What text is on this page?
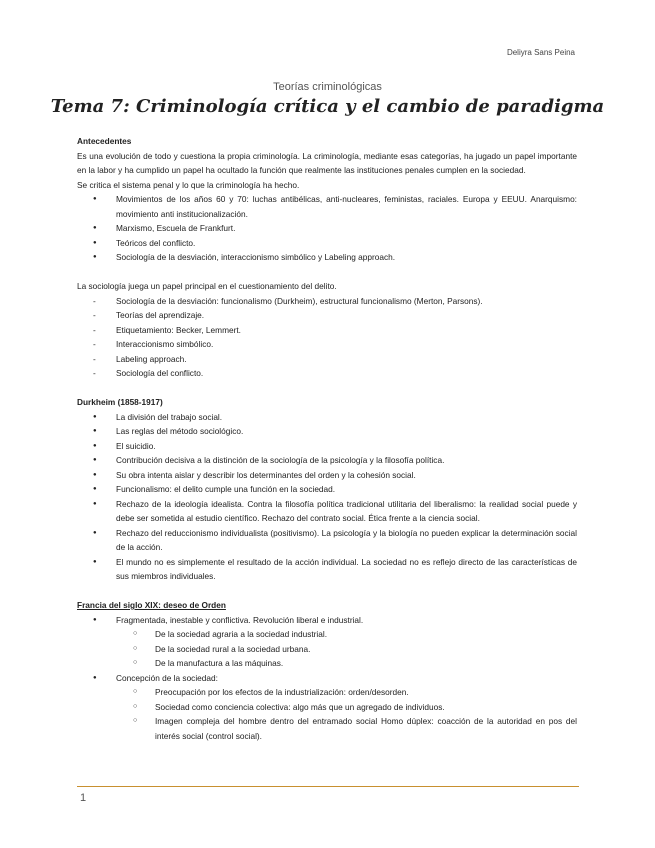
Deliyra Sans Peina
Teorías criminológicas
Tema 7: Criminología crítica y el cambio de paradigma

Antecedentes

Es una evolución de todo y cuestiona la propia criminología. La criminología, mediante esas categorías, ha jugado un papel importante en la labor y ha cumplido un papel ha ocultado la función que realmente las instituciones penales cumplen en la sociedad.

Se critica el sistema penal y lo que la criminología ha hecho.

● Movimientos de los años 60 y 70: luchas antibélicas, anti-nucleares, feministas, raciales. Europa y EEUU. Anarquismo: movimiento anti institucionalización.
● Marxismo, Escuela de Frankfurt.
● Teóricos del conflicto.
● Sociología de la desviación, interaccionismo simbólico y Labeling approach.

La sociología juega un papel principal en el cuestionamiento del delito.

- Sociología de la desviación: funcionalismo (Durkheim), estructural funcionalismo (Merton, Parsons).
- Teorías del aprendizaje.
- Etiquetamiento: Becker, Lemmert.
- Interaccionismo simbólico.
- Labeling approach.
- Sociología del conflicto.

Durkheim (1858-1917)

● La división del trabajo social.
● Las reglas del método sociológico.
● El suicidio.
● Contribución decisiva a la distinción de la sociología de la psicología y la filosofía política.
● Su obra intenta aislar y describir los determinantes del orden y la cohesión social.
● Funcionalismo: el delito cumple una función en la sociedad.
● Rechazo de la ideología idealista. Contra la filosofía política tradicional utilitaria del liberalismo: la realidad social puede y debe ser sometida al estudio científico. Rechazo del contrato social. Ética frente a la ciencia social.
● Rechazo del reduccionismo individualista (positivismo). La psicología y la biología no pueden explicar la determinación social de la acción.
● El mundo no es simplemente el resultado de la acción individual. La sociedad no es reflejo directo de las características de sus miembros individuales.

Francia del siglo XIX: deseo de Orden

● Fragmentada, inestable y conflictiva. Revolución liberal e industrial.
○ De la sociedad agraria a la sociedad industrial.
○ De la sociedad rural a la sociedad urbana.
○ De la manufactura a las máquinas.
● Concepción de la sociedad:
○ Preocupación por los efectos de la industrialización: orden/desorden.
○ Sociedad como conciencia colectiva: algo más que un agregado de individuos.
○ Imagen compleja del hombre dentro del entramado social Homo dúplex: coacción de la autoridad en pos del interés social (control social).
1
